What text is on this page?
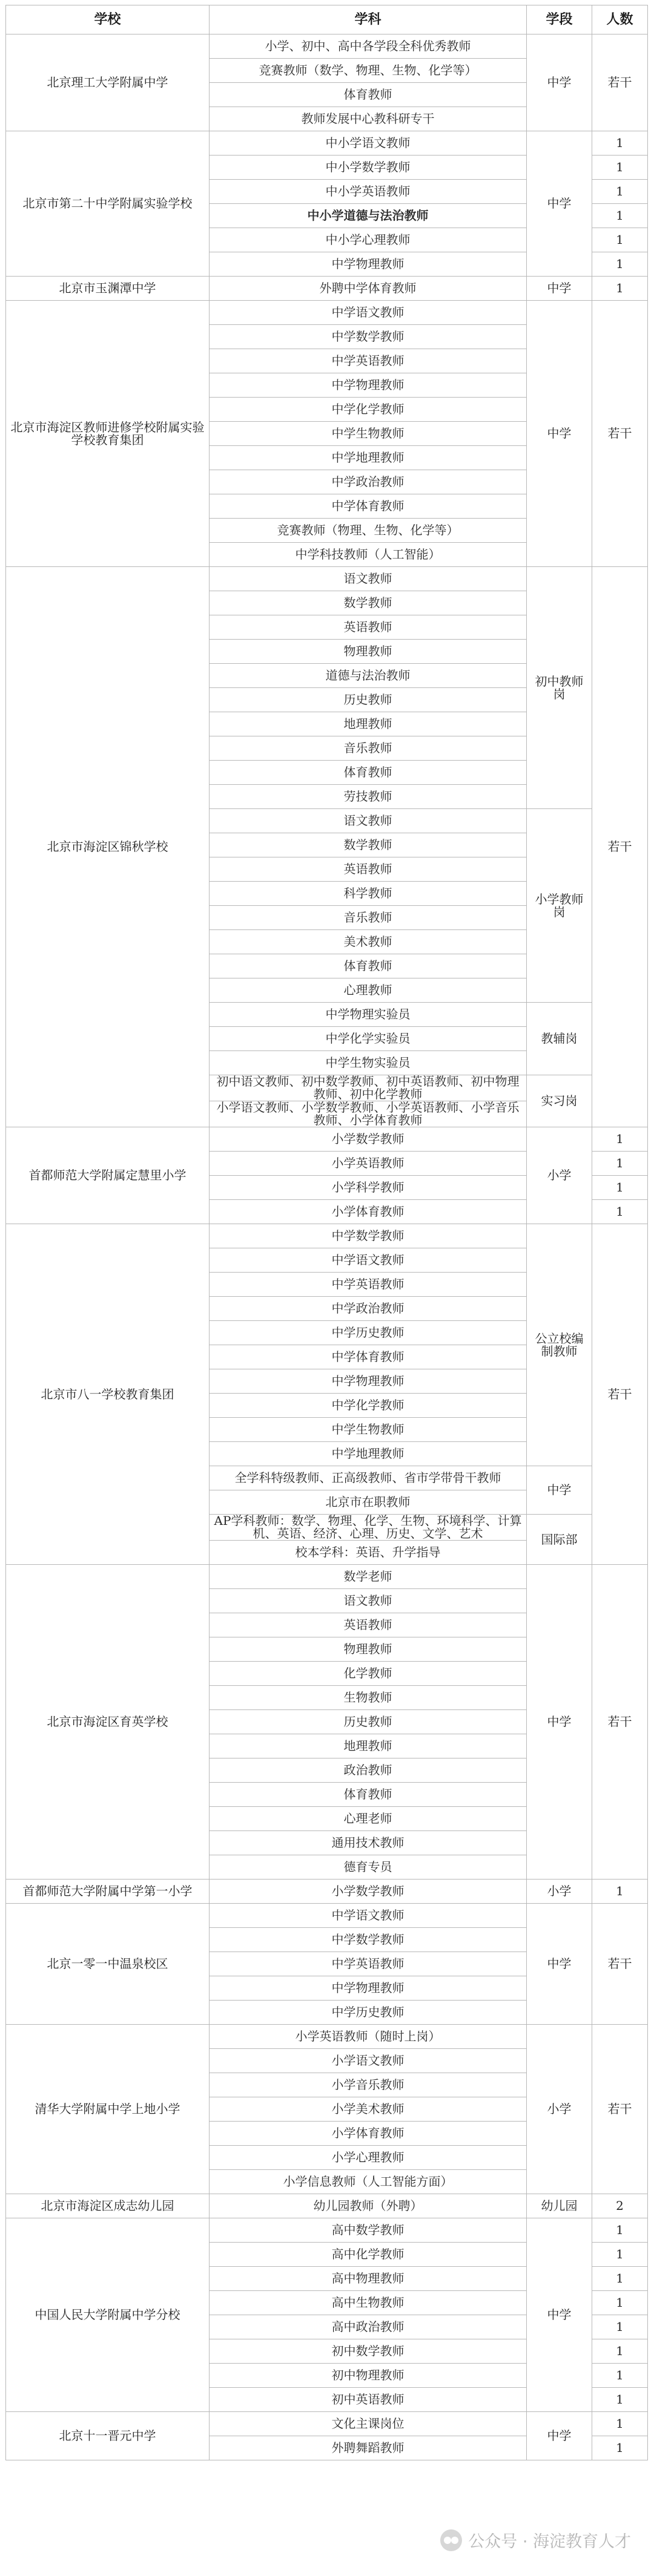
学校	学科	学段	人数
北京理工大学附属中学	小学、初中、高中各学段全科优秀教师	中学	若干
	竞赛教师（数学、物理、生物、化学等）		
	体育教师		
	教师发展中心教科研专干		
北京市第二十中学附属实验学校	中小学语文教师	中学	1
	中小学数学教师		1
	中小学英语教师		1
	中小学道德与法治教师		1
	中小学心理教师		1
	中学物理教师		1
北京市玉渊潭中学	外聘中学体育教师	中学	1
北京市海淀区教师进修学校附属实验学校教育集团	中学语文教师	中学	若干
	中学数学教师		
	中学英语教师		
	中学物理教师		
	中学化学教师		
	中学生物教师		
	中学地理教师		
	中学政治教师		
	中学体育教师		
	竞赛教师（物理、生物、化学等）		
	中学科技教师（人工智能）		
北京市海淀区锦秋学校	语文教师	初中教师岗	若干
	数学教师		
	英语教师		
	物理教师		
	道德与法治教师		
	历史教师		
	地理教师		
	音乐教师		
	体育教师		
	劳技教师		
	语文教师	小学教师岗	
	数学教师		
	英语教师		
	科学教师		
	音乐教师		
	美术教师		
	体育教师		
	心理教师		
	中学物理实验员	教辅岗	
	中学化学实验员		
	中学生物实验员		
	初中语文教师、初中数学教师、初中英语教师、初中物理教师、初中化学教师	实习岗	
	小学语文教师、小学数学教师、小学英语教师、小学音乐教师、小学体育教师		
首都师范大学附属定慧里小学	小学数学教师	小学	1
	小学英语教师		1
	小学科学教师		1
	小学体育教师		1
北京市八一学校教育集团	中学数学教师	公立校编制教师	若干
	中学语文教师		
	中学英语教师		
	中学政治教师		
	中学历史教师		
	中学体育教师		
	中学物理教师		
	中学化学教师		
	中学生物教师		
	中学地理教师		
	全学科特级教师、正高级教师、省市学带骨干教师	中学	
	北京市在职教师		
	AP学科教师：数学、物理、化学、生物、环境科学、计算机、英语、经济、心理、历史、文学、艺术	国际部	
	校本学科：英语、升学指导		
北京市海淀区育英学校	数学老师	中学	若干
	语文教师		
	英语教师		
	物理教师		
	化学教师		
	生物教师		
	历史教师		
	地理教师		
	政治教师		
	体育教师		
	心理老师		
	通用技术教师		
	德育专员		
首都师范大学附属中学第一小学	小学数学教师	小学	1
北京一零一中温泉校区	中学语文教师	中学	若干
	中学数学教师		
	中学英语教师		
	中学物理教师		
	中学历史教师		
清华大学附属中学上地小学	小学英语教师（随时上岗）	小学	若干
	小学语文教师		
	小学音乐教师		
	小学美术教师		
	小学体育教师		
	小学心理教师		
	小学信息教师（人工智能方面）		
北京市海淀区成志幼儿园	幼儿园教师（外聘）	幼儿园	2
中国人民大学附属中学分校	高中数学教师	中学	1
	高中化学教师		1
	高中物理教师		1
	高中生物教师		1
	高中政治教师		1
	初中数学教师		1
	初中物理教师		1
	初中英语教师		1
北京十一晋元中学	文化主课岗位	中学	1
	外聘舞蹈教师		1
公众号 · 海淀教育人才
